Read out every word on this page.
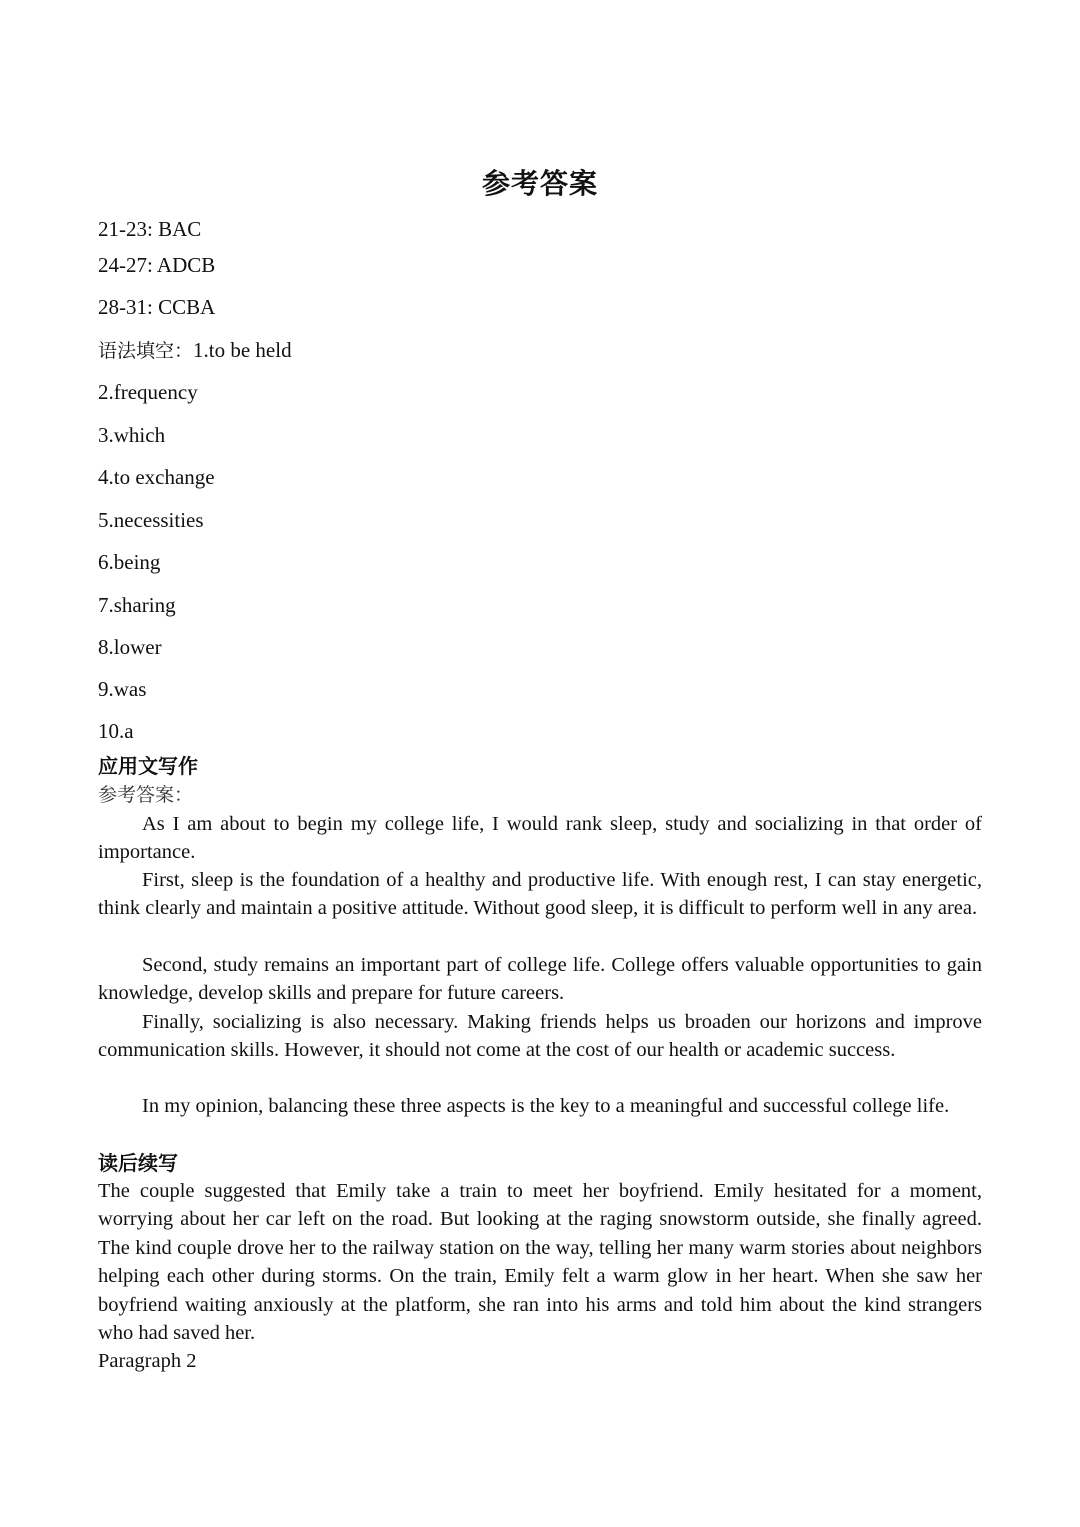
参考答案
21-23: BAC
24-27: ADCB
28-31: CCBA
语法填空：1.to be held
2.frequency
3.which
4.to exchange
5.necessities
6.being
7.sharing
8.lower
9.was
10.a
应用文写作
参考答案：
As I am about to begin my college life, I would rank sleep, study and socializing in that order of importance.
First, sleep is the foundation of a healthy and productive life. With enough rest, I can stay energetic, think clearly and maintain a positive attitude. Without good sleep, it is difficult to perform well in any area.
Second, study remains an important part of college life. College offers valuable opportunities to gain knowledge, develop skills and prepare for future careers.
Finally, socializing is also necessary. Making friends helps us broaden our horizons and improve communication skills. However, it should not come at the cost of our health or academic success.
In my opinion, balancing these three aspects is the key to a meaningful and successful college life.
读后续写
The couple suggested that Emily take a train to meet her boyfriend. Emily hesitated for a moment, worrying about her car left on the road. But looking at the raging snowstorm outside, she finally agreed. The kind couple drove her to the railway station on the way, telling her many warm stories about neighbors helping each other during storms. On the train, Emily felt a warm glow in her heart. When she saw her boyfriend waiting anxiously at the platform, she ran into his arms and told him about the kind strangers who had saved her.
Paragraph 2
